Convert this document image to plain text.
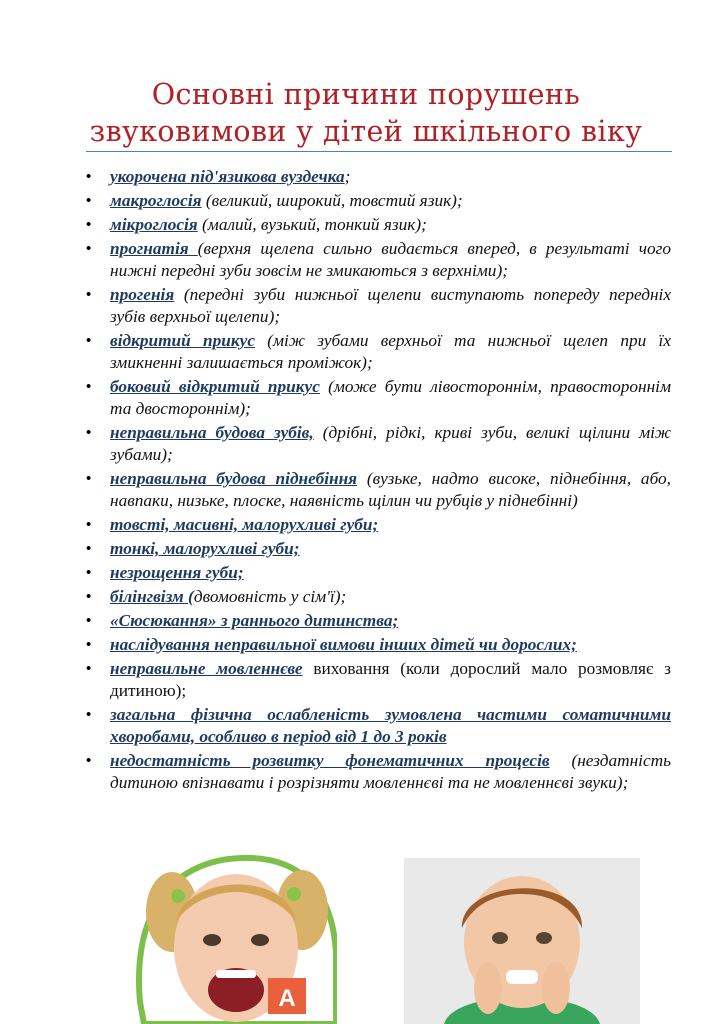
Основні причини порушень
звуковимови у дітей шкільного віку
• укорочена під'язикова вуздечка;
• макроглосія (великий, широкий, товстий язик);
• мікроглосія (малий, вузький, тонкий язик);
• прогнатія (верхня щелепа сильно видається вперед, в результаті чого нижні передні зуби зовсім не змикаються з верхніми);
• прогенія (передні зуби нижньої щелепи виступають попереду передніх зубів верхньої щелепи);
• відкритий прикус (між зубами верхньої та нижньої щелеп при їх змикненні залишається проміжок);
• боковий відкритий прикус (може бути лівостороннім, правостороннім та двостороннім);
• неправильна будова зубів, (дрібні, рідкі, криві зуби, великі щілини між зубами);
• неправильна будова піднебіння (вузьке, надто високе, піднебіння, або, навпаки, низьке, плоске, наявність щілин чи рубців у піднебінні)
• товсті, масивні, малорухливі губи;
• тонкі, малорухливі губи;
• незрощення губи;
• білінгвізм (двомовність у сім'ї);
• «Сюсюкання» з раннього дитинства;
• наслідування неправильної вимови інших дітей чи дорослих;
• неправильне мовленнєве виховання (коли дорослий мало розмовляє з дитиною);
• загальна фізична ослабленість зумовлена частими соматичними хворобами, особливо в період від 1 до 3 років
• недостатність розвитку фонематичних процесів (нездатність дитиною впізнавати і розрізняти мовленнєві та не мовленнєві звуки);
A
